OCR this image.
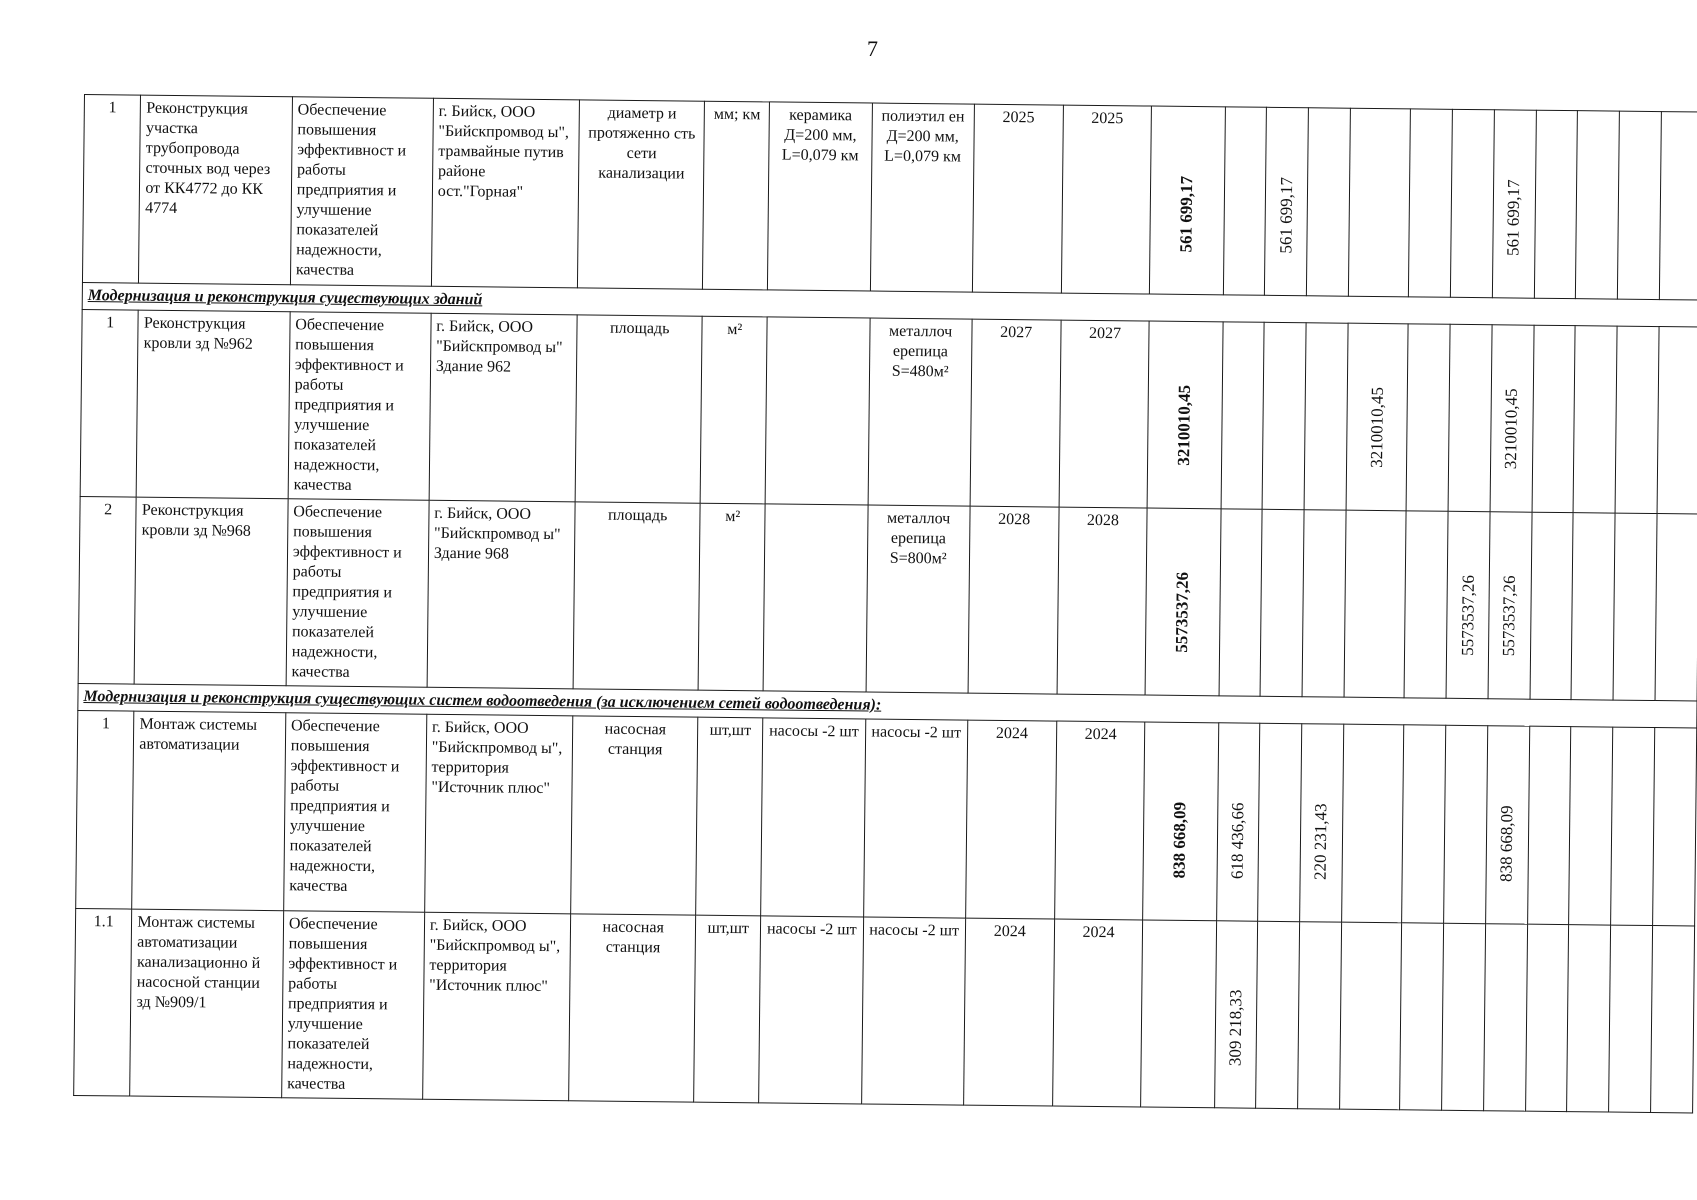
7
1	Реконструкция участка трубопровода сточных вод через от КК4772 до КК 4774	Обеспечение повышения эффективност и работы предприятия и улучшение показателей надежности, качества	г. Бийск, ООО "Бийскпромвод ы", трамвайные путив районе ост."Горная"	диаметр и протяженно сть сети канализации	мм; км	керамика Д=200 мм, L=0,079 км	полиэтил ен Д=200 мм, L=0,079 км	2025	2025	561 699,17		561 699,17					561 699,17				

Модернизация и реконструкция существующих зданий																					
1	Реконструкция кровли зд №962	Обеспечение повышения эффективност и работы предприятия и улучшение показателей надежности, качества	г. Бийск, ООО "Бийскпромвод ы" Здание 962	площадь	м²		металлоч ерепица S=480м²	2027	2027	3210010,45				3210010,45			3210010,45				

2	Реконструкция кровли зд №968	Обеспечение повышения эффективност и работы предприятия и улучшение показателей надежности, качества	г. Бийск, ООО "Бийскпромвод ы" Здание 968	площадь	м²		металлоч ерепица S=800м²	2028	2028	5573537,26						5573537,26	5573537,26				

Модернизация и реконструкция существующих систем водоотведения (за исключением сетей водоотведения):																					
1	Монтаж системы автоматизации	Обеспечение повышения эффективност и работы предприятия и улучшение показателей надежности, качества	г. Бийск, ООО "Бийскпромвод ы", территория "Источник плюс"	насосная станция	шт,шт	насосы -2 шт	насосы -2 шт	2024	2024	838 668,09	618 436,66		220 231,43				838 668,09				

1.1	Монтаж системы автоматизации канализационно й насосной станции зд №909/1	Обеспечение повышения эффективност и работы предприятия и улучшение показателей надежности, качества	г. Бийск, ООО "Бийскпромвод ы", территория "Источник плюс"	насосная станция	шт,шт	насосы -2 шт	насосы -2 шт	2024	2024		309 218,33										
